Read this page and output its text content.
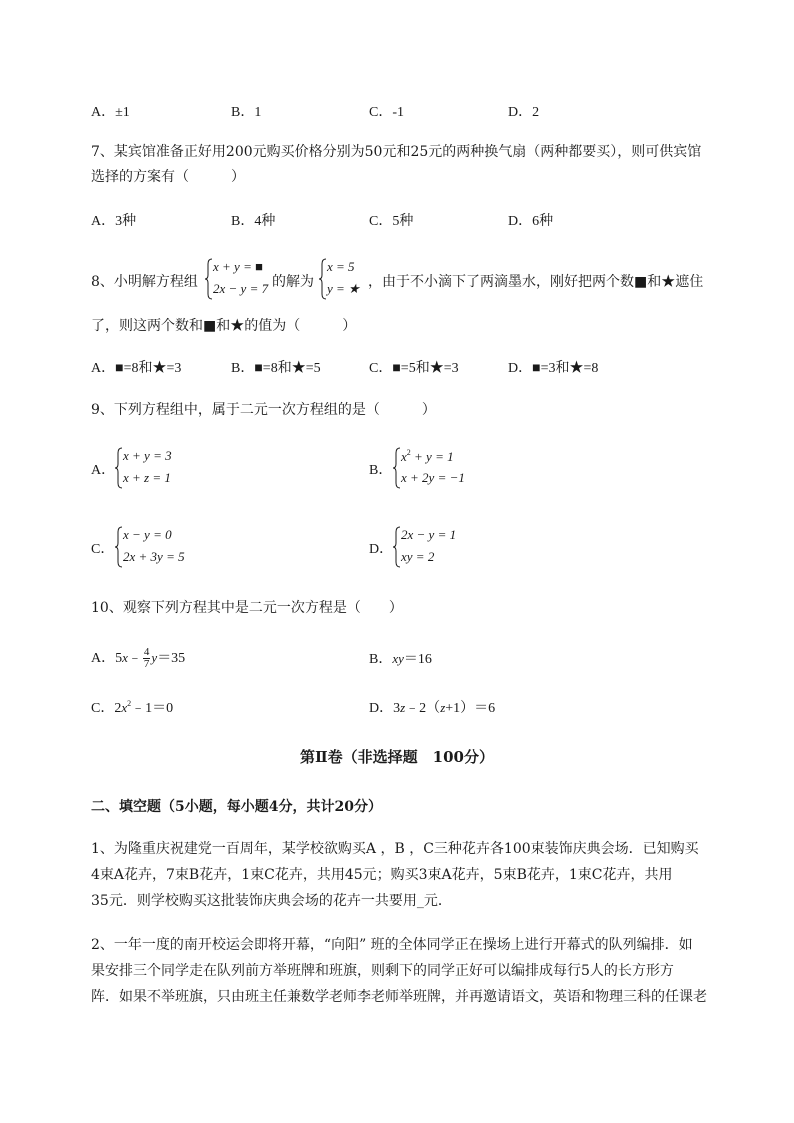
A．±1	B．1	C．-1	D．2
7、某宾馆准备正好用200元购买价格分别为50元和25元的两种换气扇（两种都要买），则可供宾馆
选择的方案有（　　　）
A．3种	B．4种	C．5种	D．6种
8、小明解方程组
x + y = ■
2x − y = 7 的解为
x = 5
y = ★ ，由于不小滴下了两滴墨水，刚好把两个数■和★遮住
了，则这两个数和■和★的值为（　　　）
A．■=8和★=3	B．■=8和★=5	C．■=5和★=3	D．■=3和★=8
9、下列方程组中，属于二元一次方程组的是（　　　）
A．
x + y = 3
x + z = 1	B．
$x^2 + y = 1$
x + 2y = −1
C．
x − y = 0
2x + 3y = 5	D．
2x − y = 1
xy = 2
10、观察下列方程其中是二元一次方程是（　　）
A．5x﹣ $\frac{4}{7} y=35$	B．xy＝16
C．$2x^2﹣1=0$	D．3z﹣2（z+1）＝6
第Ⅱ卷（非选择题　100分）
二、填空题（5小题，每小题4分，共计20分）
1、为隆重庆祝建党一百周年，某学校欲购买A ，B ，C三种花卉各100束装饰庆典会场．已知购买
4束A花卉，7束B花卉，1束C花卉，共用45元；购买3束A花卉，5束B花卉，1束C花卉，共用
35元．则学校购买这批装饰庆典会场的花卉一共要用_元．
2、一年一度的南开校运会即将开幕，“向阳” 班的全体同学正在操场上进行开幕式的队列编排．如
果安排三个同学走在队列前方举班牌和班旗，则剩下的同学正好可以编排成每行5人的长方形方
阵．如果不举班旗，只由班主任兼数学老师李老师举班牌，并再邀请语文，英语和物理三科的任课老
